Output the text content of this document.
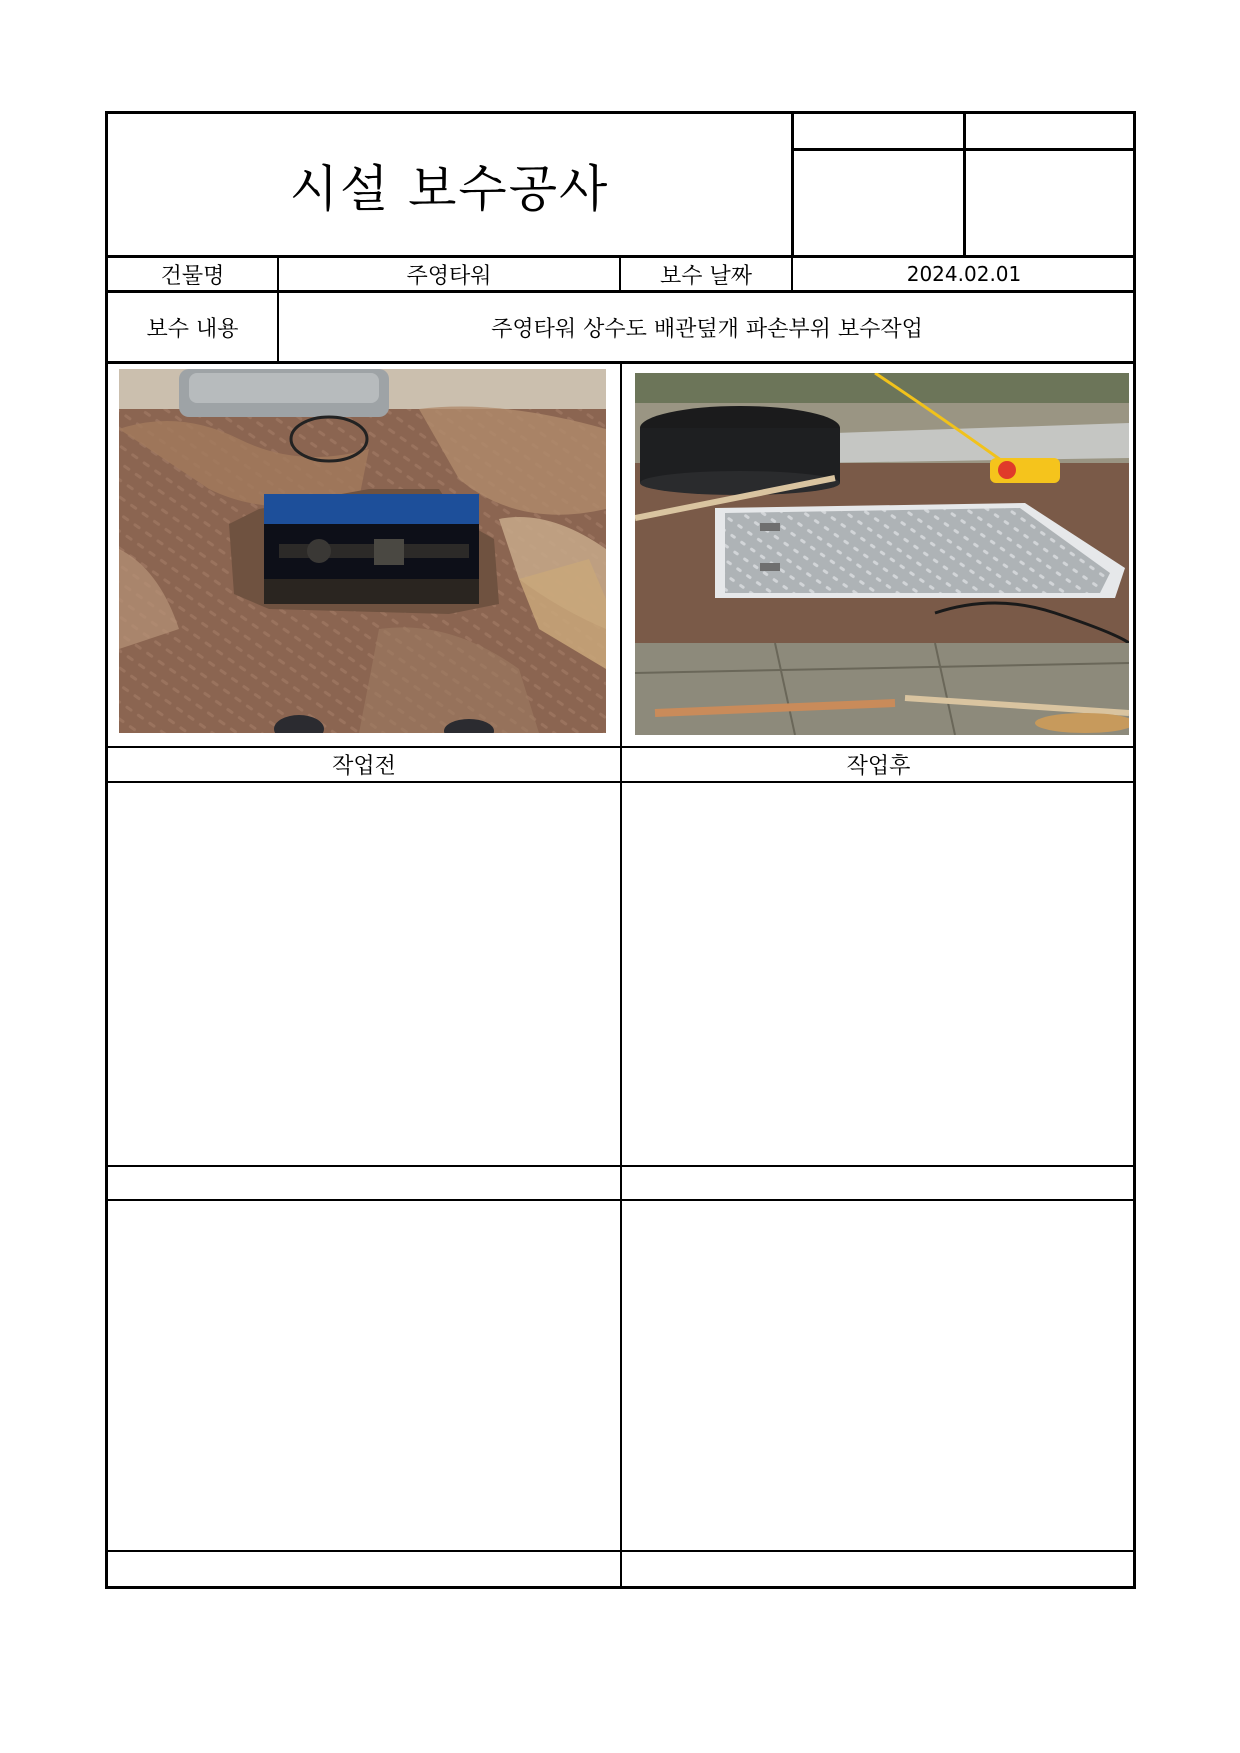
시설 보수공사
건물명	주영타워	보수 날짜	2024.02.01
보수 내용	주영타워 상수도 배관덮개 파손부위 보수작업
작업전	작업후
